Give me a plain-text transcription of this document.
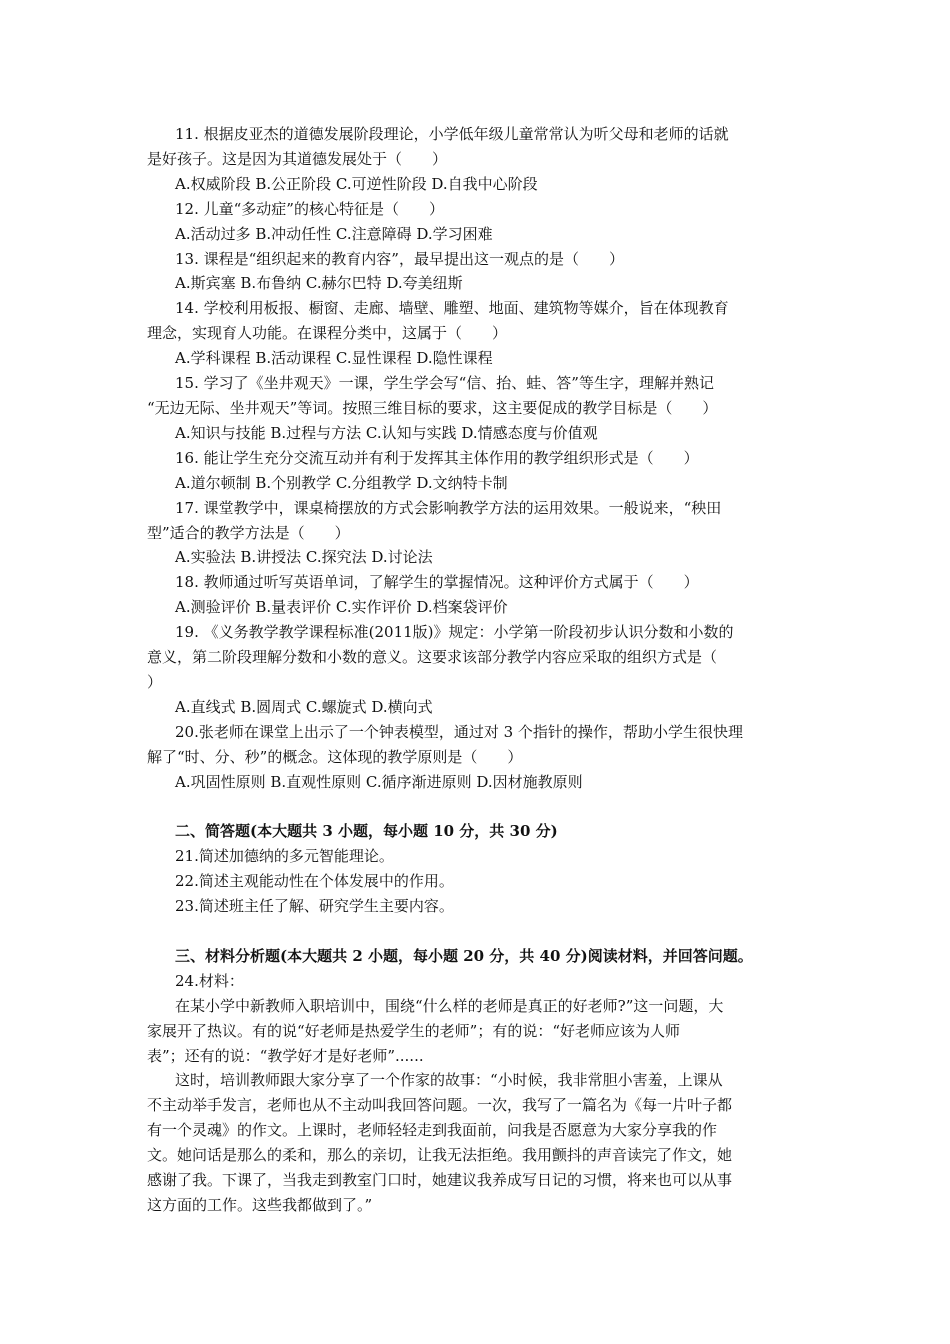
11. 根据皮亚杰的道德发展阶段理论，小学低年级儿童常常认为听父母和老师的话就
是好孩子。这是因为其道德发展处于（　　）
A.权威阶段 B.公正阶段 C.可逆性阶段 D.自我中心阶段
12. 儿童“多动症”的核心特征是（　　）
A.活动过多 B.冲动任性 C.注意障碍 D.学习困难
13. 课程是“组织起来的教育内容”，最早提出这一观点的是（　　）
A.斯宾塞 B.布鲁纳 C.赫尔巴特 D.夸美纽斯
14. 学校利用板报、橱窗、走廊、墙壁、雕塑、地面、建筑物等媒介，旨在体现教育
理念，实现育人功能。在课程分类中，这属于（　　）
A.学科课程 B.活动课程 C.显性课程 D.隐性课程
15. 学习了《坐井观天》一课，学生学会写“信、抬、蛙、答”等生字，理解并熟记
“无边无际、坐井观天”等词。按照三维目标的要求，这主要促成的教学目标是（　　）
A.知识与技能 B.过程与方法 C.认知与实践 D.情感态度与价值观
16. 能让学生充分交流互动并有利于发挥其主体作用的教学组织形式是（　　）
A.道尔顿制 B.个别教学 C.分组教学 D.文纳特卡制
17. 课堂教学中，课桌椅摆放的方式会影响教学方法的运用效果。一般说来，“秧田
型”适合的教学方法是（　　）
A.实验法 B.讲授法 C.探究法 D.讨论法
18. 教师通过听写英语单词，了解学生的掌握情况。这种评价方式属于（　　）
A.测验评价 B.量表评价 C.实作评价 D.档案袋评价
19. 《义务教学教学课程标准(2011版)》规定：小学第一阶段初步认识分数和小数的
意义，第二阶段理解分数和小数的意义。这要求该部分教学内容应采取的组织方式是（
）
A.直线式 B.圆周式 C.螺旋式 D.横向式
20.张老师在课堂上出示了一个钟表模型，通过对 3 个指针的操作，帮助小学生很快理
解了“时、分、秒”的概念。这体现的教学原则是（　　）
A.巩固性原则 B.直观性原则 C.循序渐进原则 D.因材施教原则
二、简答题(本大题共 3 小题，每小题 10 分，共 30 分)
21.简述加德纳的多元智能理论。
22.简述主观能动性在个体发展中的作用。
23.简述班主任了解、研究学生主要内容。
三、材料分析题(本大题共 2 小题，每小题 20 分，共 40 分)阅读材料，并回答问题。
24.材料：
在某小学中新教师入职培训中，围绕“什么样的老师是真正的好老师?”这一问题，大
家展开了热议。有的说“好老师是热爱学生的老师”；有的说：“好老师应该为人师
表”；还有的说：“教学好才是好老师”......
这时，培训教师跟大家分享了一个作家的故事：“小时候，我非常胆小害羞，上课从
不主动举手发言，老师也从不主动叫我回答问题。一次，我写了一篇名为《每一片叶子都
有一个灵魂》的作文。上课时，老师轻轻走到我面前，问我是否愿意为大家分享我的作
文。她问话是那么的柔和，那么的亲切，让我无法拒绝。我用颤抖的声音读完了作文，她
感谢了我。下课了，当我走到教室门口时，她建议我养成写日记的习惯，将来也可以从事
这方面的工作。这些我都做到了。”
